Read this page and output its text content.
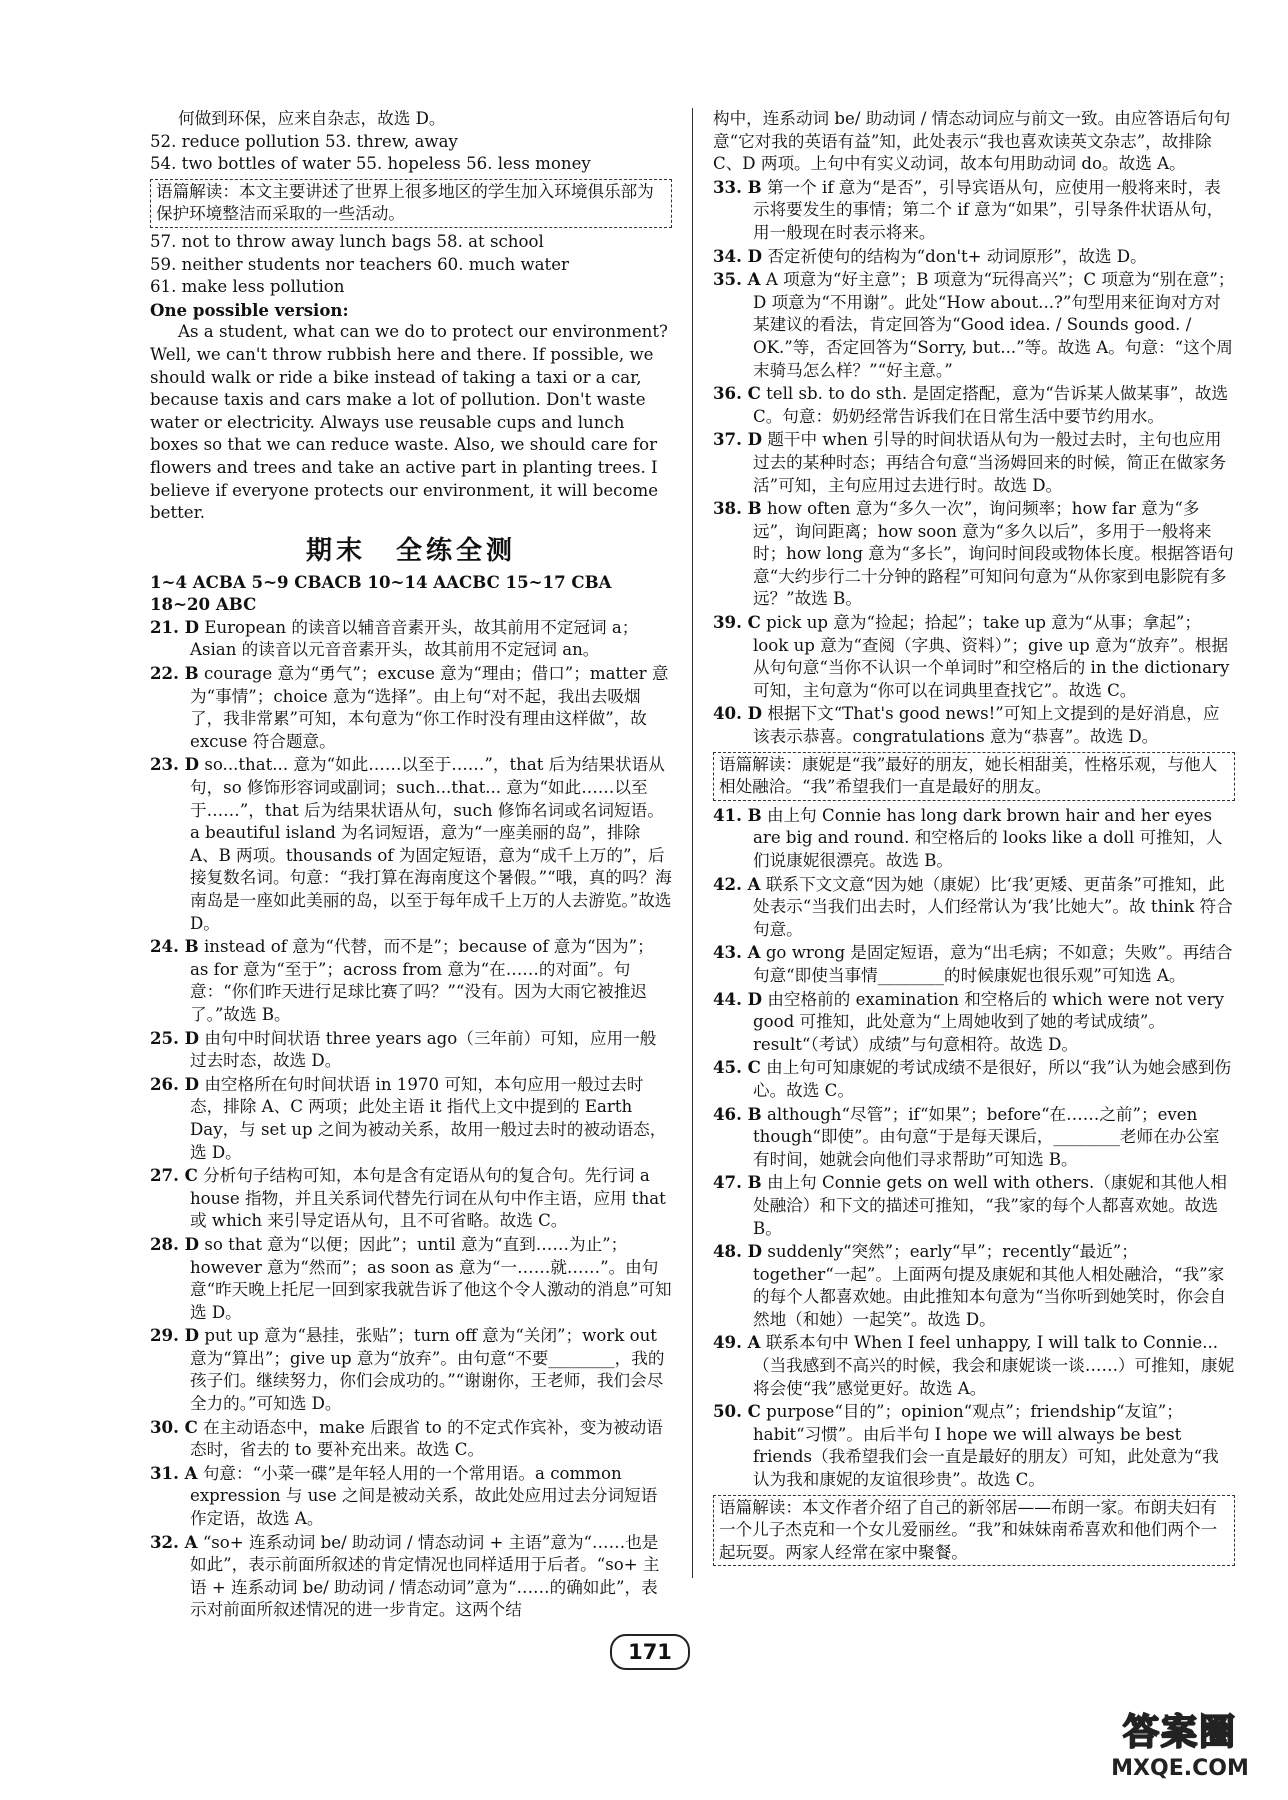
何做到环保，应来自杂志，故选 D。

52. reduce pollution 53. threw, away

54. two bottles of water 55. hopeless 56. less money

语篇解读：本文主要讲述了世界上很多地区的学生加入环境俱乐部为保护环境整洁而采取的一些活动。

57. not to throw away lunch bags 58. at school

59. neither students nor teachers 60. much water

61. make less pollution

One possible version:

As a student, what can we do to protect our environment? Well, we can't throw rubbish here and there. If possible, we should walk or ride a bike instead of taking a taxi or a car, because taxis and cars make a lot of pollution. Don't waste water or electricity. Always use reusable cups and lunch boxes so that we can reduce waste. Also, we should care for flowers and trees and take an active part in planting trees. I believe if everyone protects our environment, it will become better.

期末　全练全测

1~4 ACBA 5~9 CBACB 10~14 AACBC 15~17 CBA

18~20 ABC

21. D European 的读音以辅音音素开头，故其前用不定冠词 a；Asian 的读音以元音音素开头，故其前用不定冠词 an。

22. B courage 意为“勇气”；excuse 意为“理由；借口”；matter 意为“事情”；choice 意为“选择”。由上句“对不起，我出去吸烟了，我非常累”可知，本句意为“你工作时没有理由这样做”，故 excuse 符合题意。

23. D so...that... 意为“如此……以至于……”，that 后为结果状语从句，so 修饰形容词或副词；such...that... 意为“如此……以至于……”，that 后为结果状语从句，such 修饰名词或名词短语。a beautiful island 为名词短语，意为“一座美丽的岛”，排除 A、B 两项。thousands of 为固定短语，意为“成千上万的”，后接复数名词。句意：“我打算在海南度这个暑假。”“哦，真的吗？海南岛是一座如此美丽的岛，以至于每年成千上万的人去游览。”故选 D。

24. B instead of 意为“代替，而不是”；because of 意为“因为”；as for 意为“至于”；across from 意为“在……的对面”。句意：“你们昨天进行足球比赛了吗？”“没有。因为大雨它被推迟了。”故选 B。

25. D 由句中时间状语 three years ago（三年前）可知，应用一般过去时态，故选 D。

26. D 由空格所在句时间状语 in 1970 可知，本句应用一般过去时态，排除 A、C 两项；此处主语 it 指代上文中提到的 Earth Day，与 set up 之间为被动关系，故用一般过去时的被动语态，选 D。

27. C 分析句子结构可知，本句是含有定语从句的复合句。先行词 a house 指物，并且关系词代替先行词在从句中作主语，应用 that 或 which 来引导定语从句，且不可省略。故选 C。

28. D so that 意为“以便；因此”；until 意为“直到……为止”；however 意为“然而”；as soon as 意为“一……就……”。由句意“昨天晚上托尼一回到家我就告诉了他这个令人激动的消息”可知选 D。

29. D put up 意为“悬挂，张贴”；turn off 意为“关闭”；work out 意为“算出”；give up 意为“放弃”。由句意“不要________，我的孩子们。继续努力，你们会成功的。”“谢谢你，王老师，我们会尽全力的。”可知选 D。

30. C 在主动语态中，make 后跟省 to 的不定式作宾补，变为被动语态时，省去的 to 要补充出来。故选 C。

31. A 句意：“小菜一碟”是年轻人用的一个常用语。a common expression 与 use 之间是被动关系，故此处应用过去分词短语作定语，故选 A。

32. A “so+ 连系动词 be/ 助动词 / 情态动词 + 主语”意为“……也是如此”，表示前面所叙述的肯定情况也同样适用于后者。“so+ 主语 + 连系动词 be/ 助动词 / 情态动词”意为“……的确如此”，表示对前面所叙述情况的进一步肯定。这两个结

构中，连系动词 be/ 助动词 / 情态动词应与前文一致。由应答语后句句意“它对我的英语有益”知，此处表示“我也喜欢读英文杂志”，故排除 C、D 两项。上句中有实义动词，故本句用助动词 do。故选 A。

33. B 第一个 if 意为“是否”，引导宾语从句，应使用一般将来时，表示将要发生的事情；第二个 if 意为“如果”，引导条件状语从句，用一般现在时表示将来。

34. D 否定祈使句的结构为“don't+ 动词原形”，故选 D。

35. A A 项意为“好主意”；B 项意为“玩得高兴”；C 项意为“别在意”；D 项意为“不用谢”。此处“How about...?”句型用来征询对方对某建议的看法，肯定回答为“Good idea. / Sounds good. / OK.”等，否定回答为“Sorry, but...”等。故选 A。句意：“这个周末骑马怎么样？”“好主意。”

36. C tell sb. to do sth. 是固定搭配，意为“告诉某人做某事”，故选 C。句意：奶奶经常告诉我们在日常生活中要节约用水。

37. D 题干中 when 引导的时间状语从句为一般过去时，主句也应用过去的某种时态；再结合句意“当汤姆回来的时候，简正在做家务活”可知，主句应用过去进行时。故选 D。

38. B how often 意为“多久一次”，询问频率；how far 意为“多远”，询问距离；how soon 意为“多久以后”，多用于一般将来时；how long 意为“多长”，询问时间段或物体长度。根据答语句意“大约步行二十分钟的路程”可知问句意为“从你家到电影院有多远？”故选 B。

39. C pick up 意为“捡起；拾起”；take up 意为“从事；拿起”；look up 意为“查阅（字典、资料）”；give up 意为“放弃”。根据从句句意“当你不认识一个单词时”和空格后的 in the dictionary 可知，主句意为“你可以在词典里查找它”。故选 C。

40. D 根据下文“That's good news!”可知上文提到的是好消息，应该表示恭喜。congratulations 意为“恭喜”。故选 D。

语篇解读：康妮是“我”最好的朋友，她长相甜美，性格乐观，与他人相处融洽。“我”希望我们一直是最好的朋友。

41. B 由上句 Connie has long dark brown hair and her eyes are big and round. 和空格后的 looks like a doll 可推知，人们说康妮很漂亮。故选 B。

42. A 联系下文文意“因为她（康妮）比‘我’更矮、更苗条”可推知，此处表示“当我们出去时，人们经常认为‘我’比她大”。故 think 符合句意。

43. A go wrong 是固定短语，意为“出毛病；不如意；失败”。再结合句意“即使当事情________的时候康妮也很乐观”可知选 A。

44. D 由空格前的 examination 和空格后的 which were not very good 可推知，此处意为“上周她收到了她的考试成绩”。result“（考试）成绩”与句意相符。故选 D。

45. C 由上句可知康妮的考试成绩不是很好，所以“我”认为她会感到伤心。故选 C。

46. B although“尽管”；if“如果”；before“在……之前”；even though“即使”。由句意“于是每天课后，________老师在办公室有时间，她就会向他们寻求帮助”可知选 B。

47. B 由上句 Connie gets on well with others.（康妮和其他人相处融洽）和下文的描述可推知，“我”家的每个人都喜欢她。故选 B。

48. D suddenly“突然”；early“早”；recently“最近”；together“一起”。上面两句提及康妮和其他人相处融洽，“我”家的每个人都喜欢她。由此推知本句意为“当你听到她笑时，你会自然地（和她）一起笑”。故选 D。

49. A 联系本句中 When I feel unhappy, I will talk to Connie...（当我感到不高兴的时候，我会和康妮谈一谈……）可推知，康妮将会使“我”感觉更好。故选 A。

50. C purpose“目的”；opinion“观点”；friendship“友谊”；habit“习惯”。由后半句 I hope we will always be best friends（我希望我们会一直是最好的朋友）可知，此处意为“我认为我和康妮的友谊很珍贵”。故选 C。

语篇解读：本文作者介绍了自己的新邻居——布朗一家。布朗夫妇有一个儿子杰克和一个女儿爱丽丝。“我”和妹妹南希喜欢和他们两个一起玩耍。两家人经常在家中聚餐。
171
答案圈
MXQE.COM
